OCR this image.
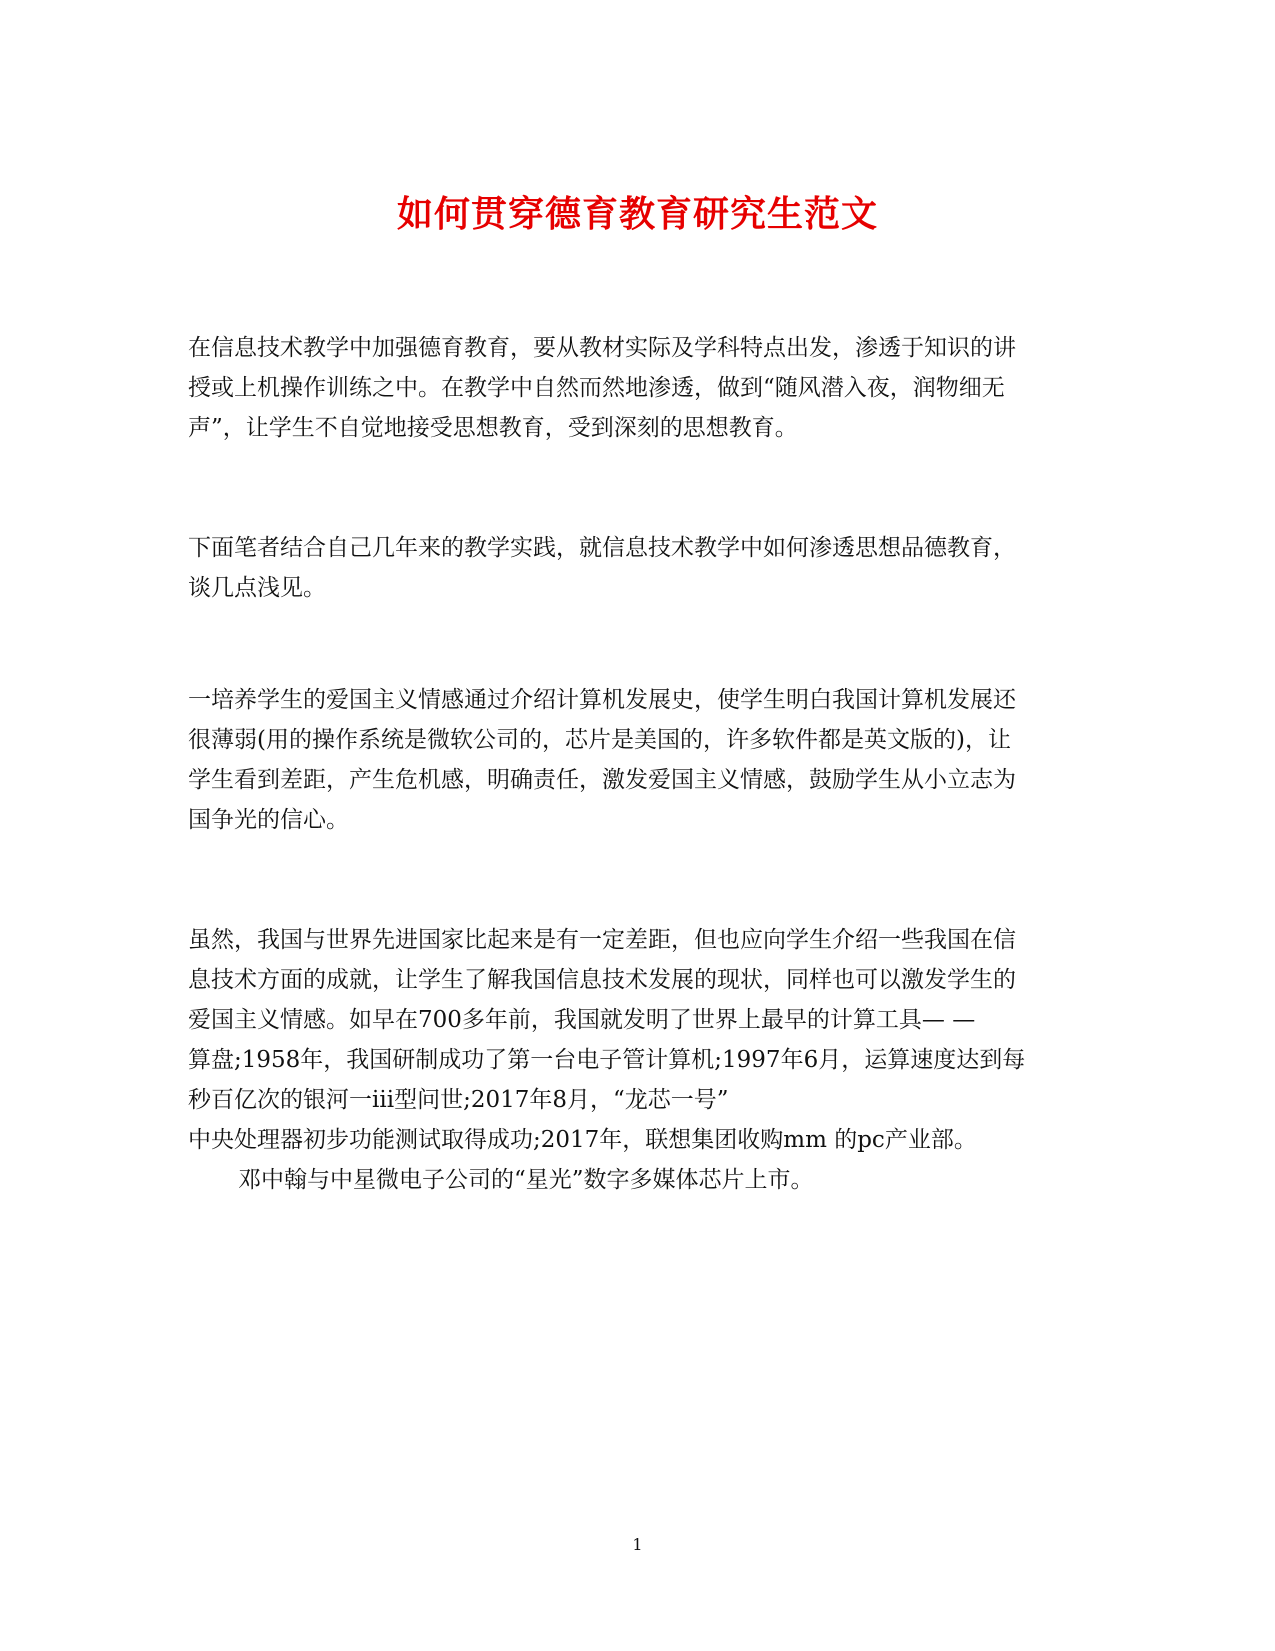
如何贯穿德育教育研究生范文

在信息技术教学中加强德育教育，要从教材实际及学科特点出发，渗透于知识的讲
授或上机操作训练之中。在教学中自然而然地渗透，做到“随风潜入夜，润物细无
声”，让学生不自觉地接受思想教育，受到深刻的思想教育。

下面笔者结合自己几年来的教学实践，就信息技术教学中如何渗透思想品德教育，
谈几点浅见。

一培养学生的爱国主义情感通过介绍计算机发展史，使学生明白我国计算机发展还
很薄弱(用的操作系统是微软公司的，芯片是美国的，许多软件都是英文版的)，让
学生看到差距，产生危机感，明确责任，激发爱国主义情感，鼓励学生从小立志为
国争光的信心。

虽然，我国与世界先进国家比起来是有一定差距，但也应向学生介绍一些我国在信
息技术方面的成就，让学生了解我国信息技术发展的现状，同样也可以激发学生的
爱国主义情感。如早在700多年前，我国就发明了世界上最早的计算工具— —
算盘;1958年，我国研制成功了第一台电子管计算机;1997年6月，运算速度达到每
秒百亿次的银河一iii型问世;2017年8月，“龙芯一号”
中央处理器初步功能测试取得成功;2017年，联想集团收购mm 的pc产业部。
邓中翰与中星微电子公司的“星光”数字多媒体芯片上市。

1
